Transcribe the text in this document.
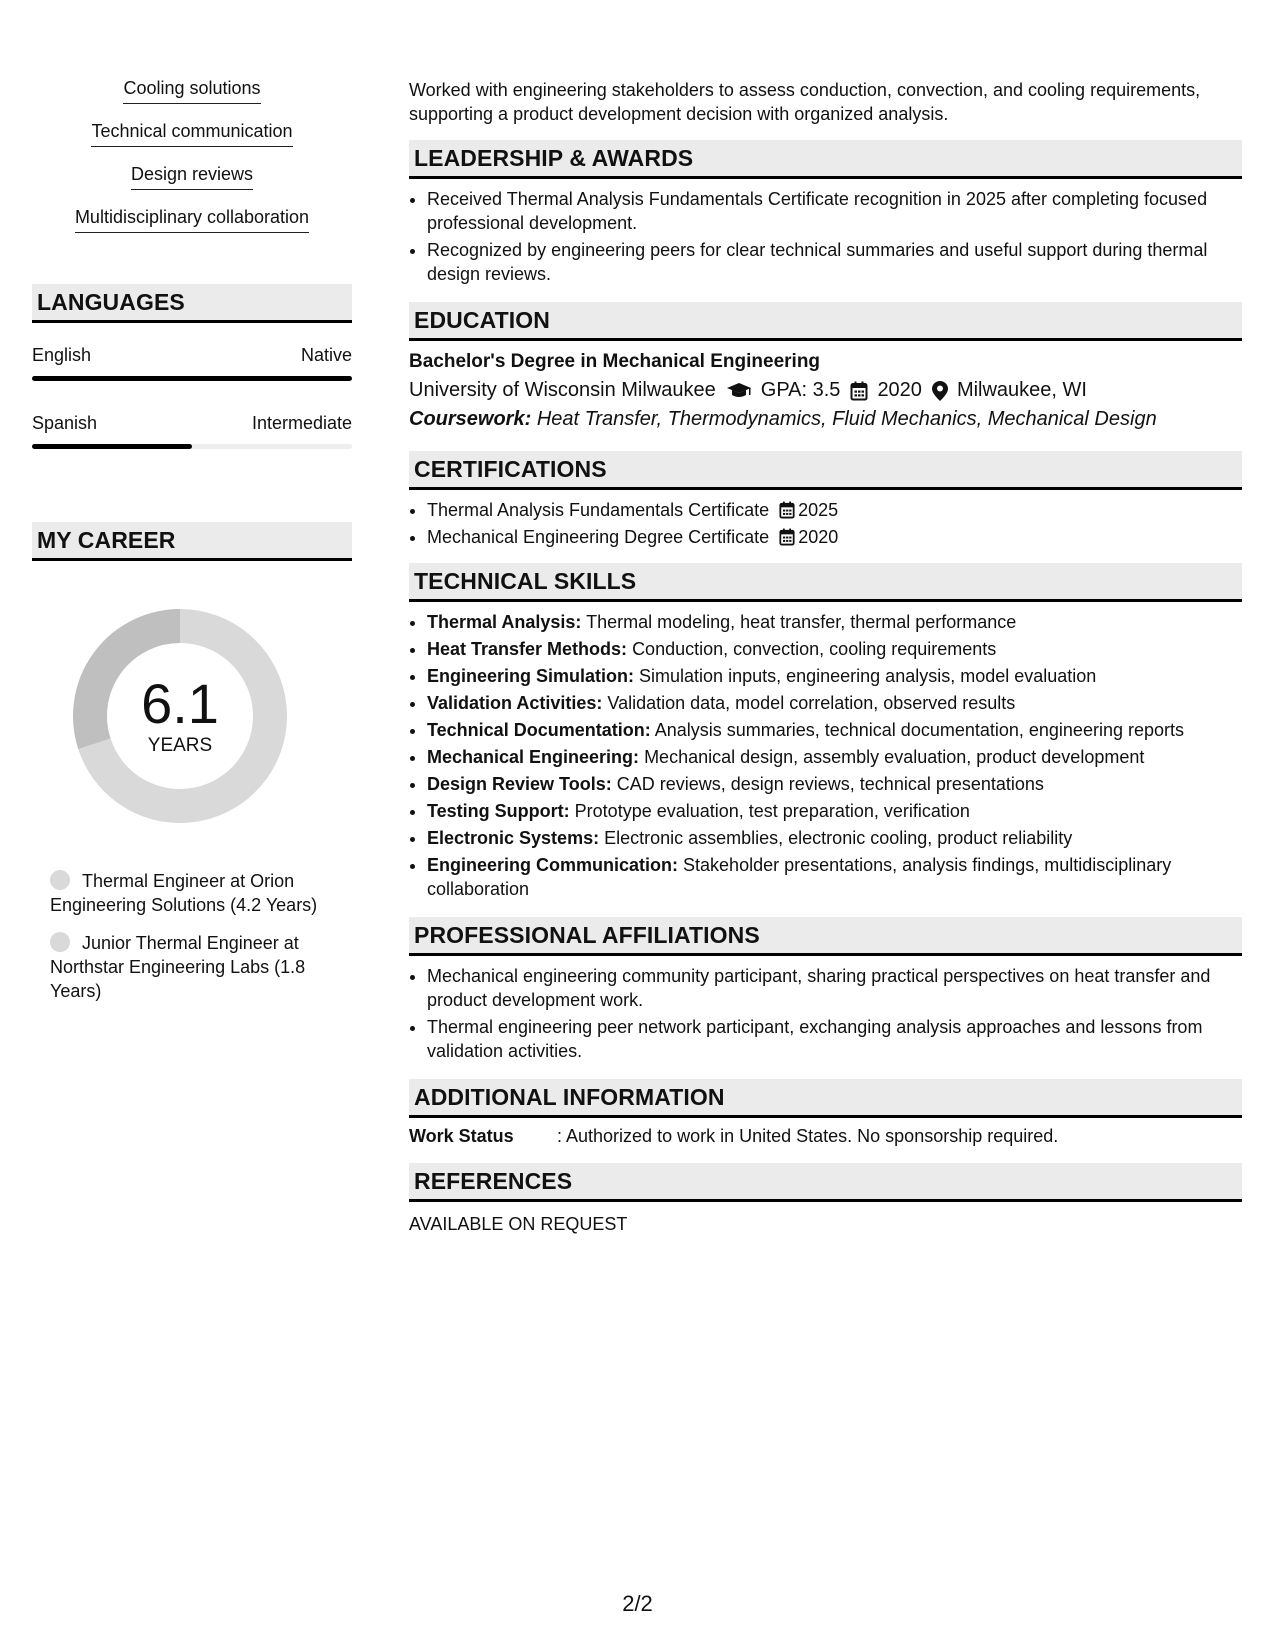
Cooling solutions
Technical communication
Design reviews
Multidisciplinary collaboration
LANGUAGES
English	Native
Spanish	Intermediate
MY CAREER
6.1
YEARS
Thermal Engineer at Orion Engineering Solutions (4.2 Years)
Junior Thermal Engineer at Northstar Engineering Labs (1.8 Years)
Worked with engineering stakeholders to assess conduction, convection, and cooling requirements, supporting a product development decision with organized analysis.
LEADERSHIP & AWARDS
• Received Thermal Analysis Fundamentals Certificate recognition in 2025 after completing focused professional development.
• Recognized by engineering peers for clear technical summaries and useful support during thermal design reviews.
EDUCATION
Bachelor's Degree in Mechanical Engineering
University of Wisconsin Milwaukee GPA: 3.5 2020 Milwaukee, WI
Coursework: Heat Transfer, Thermodynamics, Fluid Mechanics, Mechanical Design
CERTIFICATIONS
• Thermal Analysis Fundamentals Certificate 2025
• Mechanical Engineering Degree Certificate 2020
TECHNICAL SKILLS
• Thermal Analysis: Thermal modeling, heat transfer, thermal performance
• Heat Transfer Methods: Conduction, convection, cooling requirements
• Engineering Simulation: Simulation inputs, engineering analysis, model evaluation
• Validation Activities: Validation data, model correlation, observed results
• Technical Documentation: Analysis summaries, technical documentation, engineering reports
• Mechanical Engineering: Mechanical design, assembly evaluation, product development
• Design Review Tools: CAD reviews, design reviews, technical presentations
• Testing Support: Prototype evaluation, test preparation, verification
• Electronic Systems: Electronic assemblies, electronic cooling, product reliability
• Engineering Communication: Stakeholder presentations, analysis findings, multidisciplinary collaboration
PROFESSIONAL AFFILIATIONS
• Mechanical engineering community participant, sharing practical perspectives on heat transfer and product development work.
• Thermal engineering peer network participant, exchanging analysis approaches and lessons from validation activities.
ADDITIONAL INFORMATION
Work Status	: Authorized to work in United States. No sponsorship required.
REFERENCES
AVAILABLE ON REQUEST
2/2
